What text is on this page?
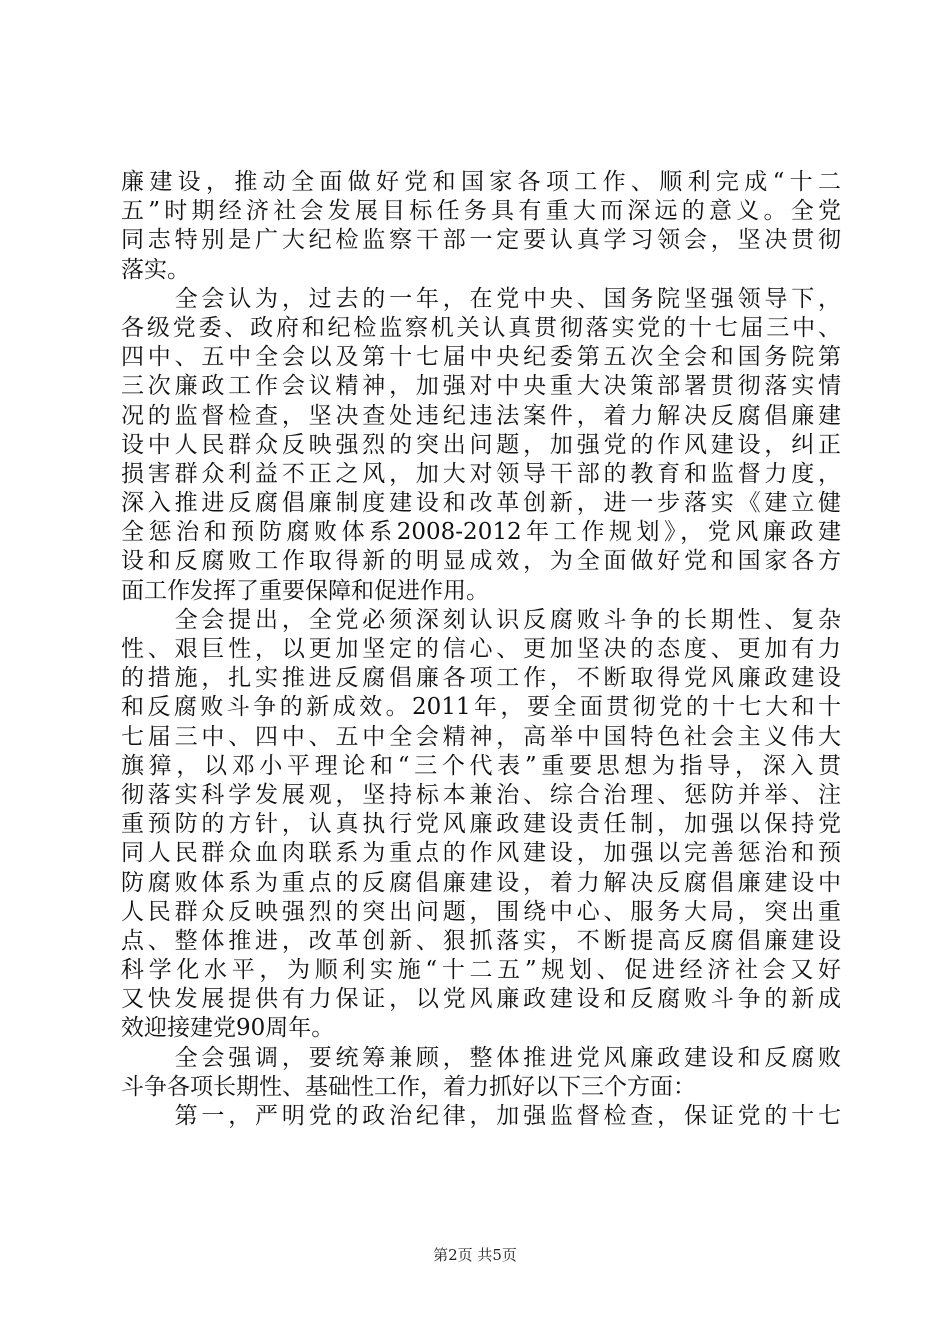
廉建设，推动全面做好党和国家各项工作、顺利完成“十二
五”时期经济社会发展目标任务具有重大而深远的意义。全党
同志特别是广大纪检监察干部一定要认真学习领会，坚决贯彻
落实。
　　全会认为，过去的一年，在党中央、国务院坚强领导下，
各级党委、政府和纪检监察机关认真贯彻落实党的十七届三中、
四中、五中全会以及第十七届中央纪委第五次全会和国务院第
三次廉政工作会议精神，加强对中央重大决策部署贯彻落实情
况的监督检查，坚决查处违纪违法案件，着力解决反腐倡廉建
设中人民群众反映强烈的突出问题，加强党的作风建设，纠正
损害群众利益不正之风，加大对领导干部的教育和监督力度，
深入推进反腐倡廉制度建设和改革创新，进一步落实《建立健
全惩治和预防腐败体系2008-2012年工作规划》，党风廉政建
设和反腐败工作取得新的明显成效，为全面做好党和国家各方
面工作发挥了重要保障和促进作用。
　　全会提出，全党必须深刻认识反腐败斗争的长期性、复杂
性、艰巨性，以更加坚定的信心、更加坚决的态度、更加有力
的措施，扎实推进反腐倡廉各项工作，不断取得党风廉政建设
和反腐败斗争的新成效。2011年，要全面贯彻党的十七大和十
七届三中、四中、五中全会精神，高举中国特色社会主义伟大
旗獐，以邓小平理论和“三个代表”重要思想为指导，深入贯
彻落实科学发展观，坚持标本兼治、综合治理、惩防并举、注
重预防的方针，认真执行党风廉政建设责任制，加强以保持党
同人民群众血肉联系为重点的作风建设，加强以完善惩治和预
防腐败体系为重点的反腐倡廉建设，着力解决反腐倡廉建设中
人民群众反映强烈的突出问题，围绕中心、服务大局，突出重
点、整体推进，改革创新、狠抓落实，不断提高反腐倡廉建设
科学化水平，为顺利实施“十二五”规划、促进经济社会又好
又快发展提供有力保证，以党风廉政建设和反腐败斗争的新成
效迎接建党90周年。
　　全会强调，要统筹兼顾，整体推进党风廉政建设和反腐败
斗争各项长期性、基础性工作，着力抓好以下三个方面：
　　第一，严明党的政治纪律，加强监督检查，保证党的十七
第2页 共5页
